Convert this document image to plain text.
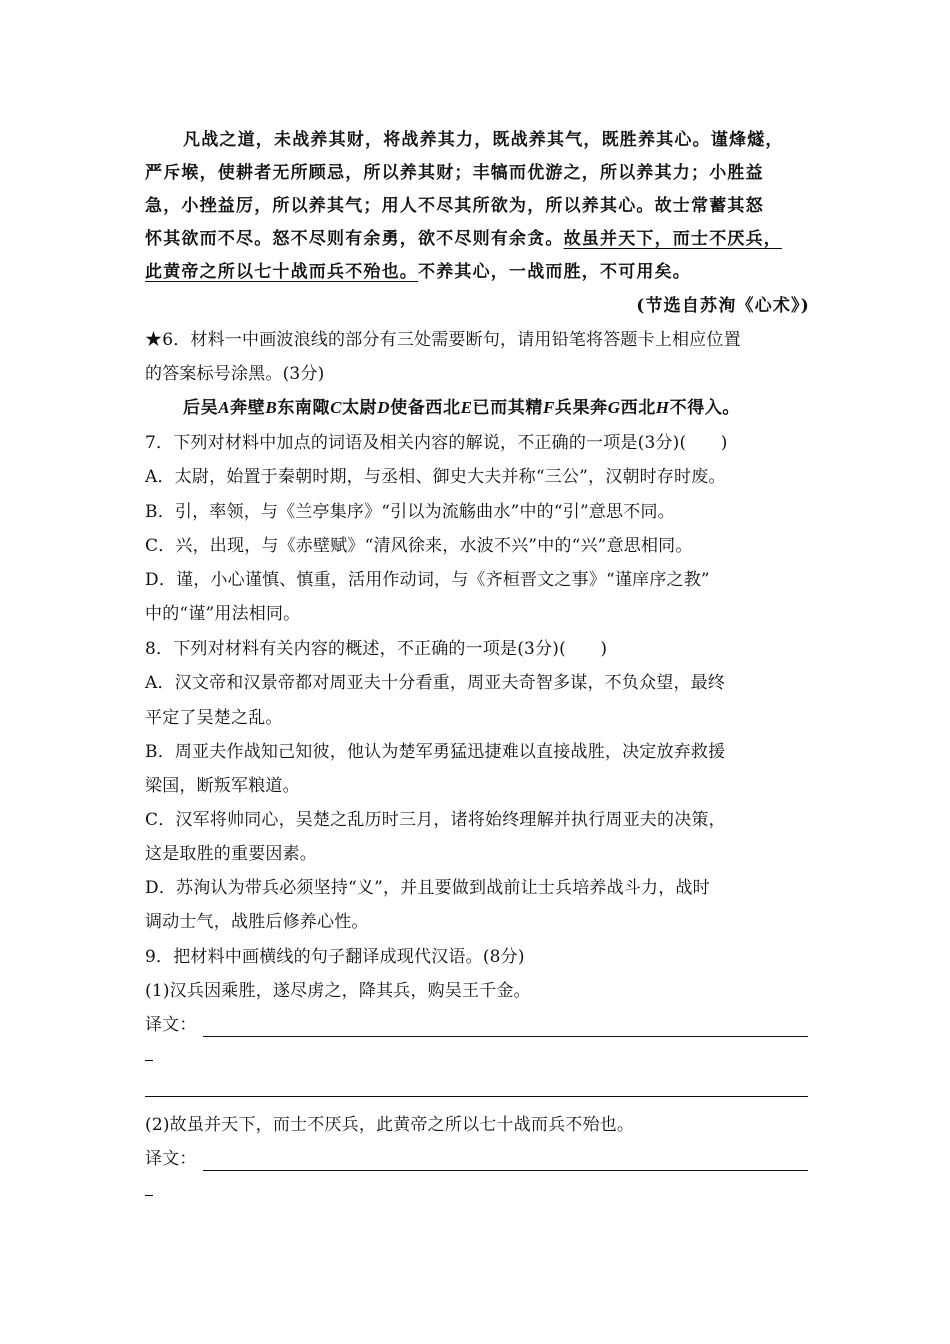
凡战之道，未战养其财，将战养其力，既战养其气，既胜养其心。谨烽燧，
严斥堠，使耕者无所顾忌，所以养其财；丰犒而优游之，所以养其力；小胜益
急，小挫益厉，所以养其气；用人不尽其所欲为，所以养其心。故士常蓄其怒
怀其欲而不尽。怒不尽则有余勇，欲不尽则有余贪。故虽并天下，而士不厌兵，
此黄帝之所以七十战而兵不殆也。不养其心，一战而胜，不可用矣。
(节选自苏洵《心术》)
★6．材料一中画波浪线的部分有三处需要断句，请用铅笔将答题卡上相应位置
的答案标号涂黑。(3分)
后吴A奔壁B东南陬C太尉D使备西北E已而其精F兵果奔G西北H不得入。
7．下列对材料中加点的词语及相关内容的解说，不正确的一项是(3分)(　　)
A．太尉，始置于秦朝时期，与丞相、御史大夫并称“三公”，汉朝时存时废。
B．引，率领，与《兰亭集序》“引以为流觞曲水”中的“引”意思不同。
C．兴，出现，与《赤壁赋》“清风徐来，水波不兴”中的“兴”意思相同。
D．谨，小心谨慎、慎重，活用作动词，与《齐桓晋文之事》“谨庠序之教”
中的“谨”用法相同。
8．下列对材料有关内容的概述，不正确的一项是(3分)(　　)
A．汉文帝和汉景帝都对周亚夫十分看重，周亚夫奇智多谋，不负众望，最终
平定了吴楚之乱。
B．周亚夫作战知己知彼，他认为楚军勇猛迅捷难以直接战胜，决定放弃救援
梁国，断叛军粮道。
C．汉军将帅同心，吴楚之乱历时三月，诸将始终理解并执行周亚夫的决策，
这是取胜的重要因素。
D．苏洵认为带兵必须坚持“义”，并且要做到战前让士兵培养战斗力，战时
调动士气，战胜后修养心性。
9．把材料中画横线的句子翻译成现代汉语。(8分)
(1)汉兵因乘胜，遂尽虏之，降其兵，购吴王千金。
译文：
(2)故虽并天下，而士不厌兵，此黄帝之所以七十战而兵不殆也。
译文：
